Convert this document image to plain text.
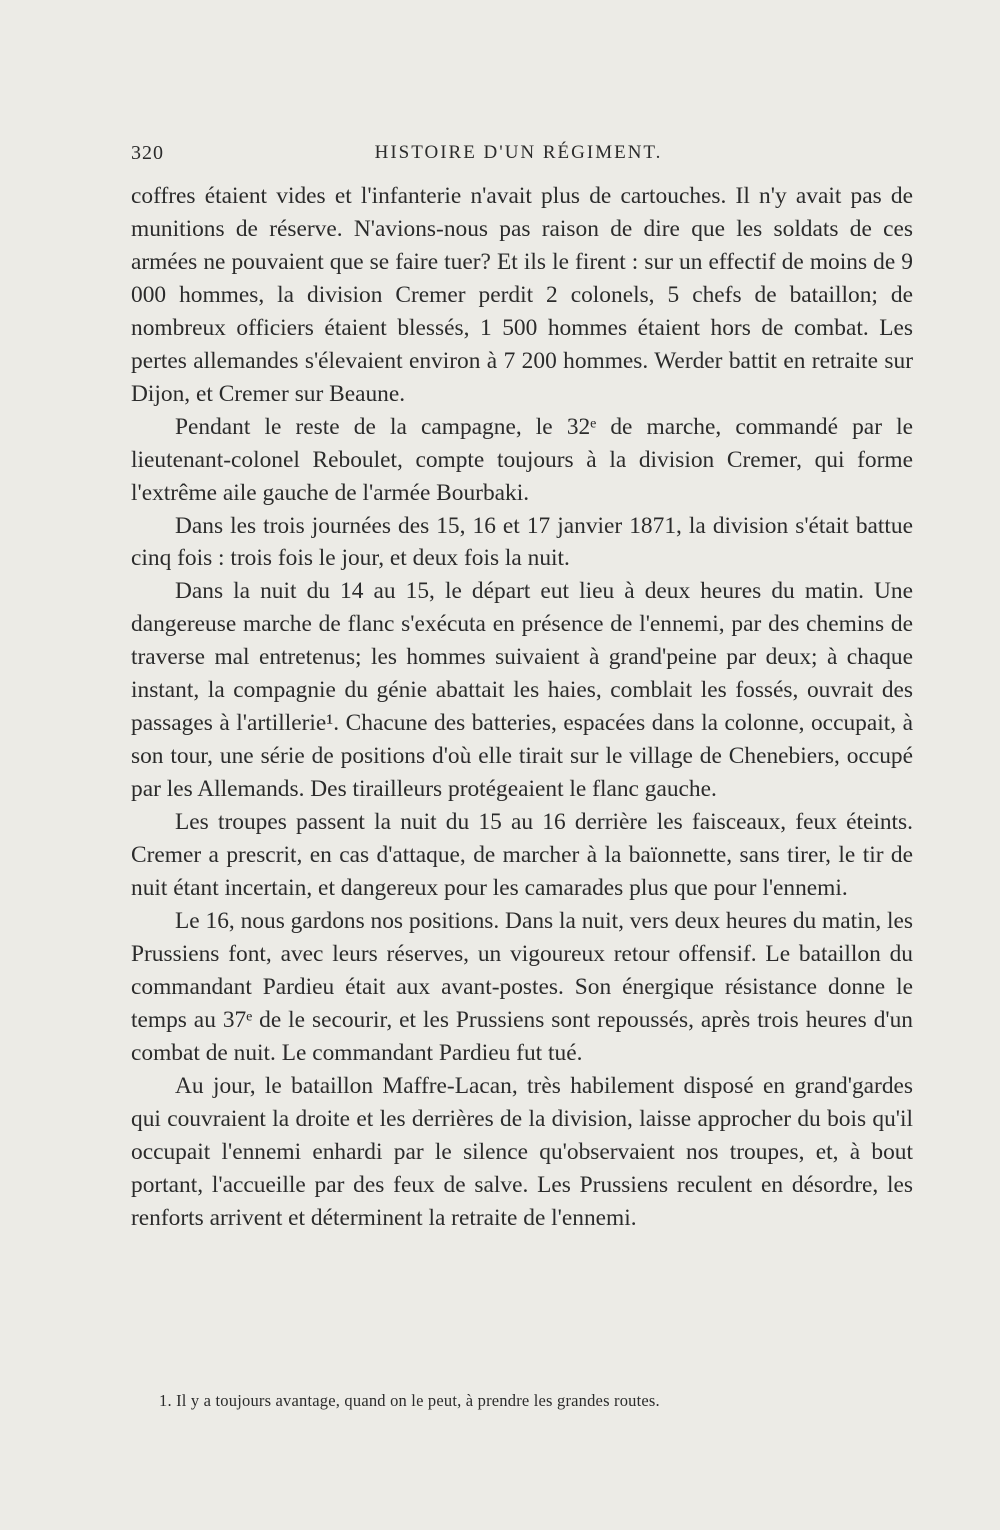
320	HISTOIRE D'UN RÉGIMENT.

coffres étaient vides et l'infanterie n'avait plus de cartouches. Il n'y avait pas de munitions de réserve. N'avions-nous pas raison de dire que les soldats de ces armées ne pouvaient que se faire tuer? Et ils le firent : sur un effectif de moins de 9 000 hommes, la division Cremer perdit 2 colonels, 5 chefs de bataillon; de nombreux officiers étaient blessés, 1 500 hommes étaient hors de combat. Les pertes allemandes s'élevaient environ à 7 200 hommes. Werder battit en retraite sur Dijon, et Cremer sur Beaune.

Pendant le reste de la campagne, le 32ᵉ de marche, commandé par le lieutenant-colonel Reboulet, compte toujours à la division Cremer, qui forme l'extrême aile gauche de l'armée Bourbaki.

Dans les trois journées des 15, 16 et 17 janvier 1871, la division s'était battue cinq fois : trois fois le jour, et deux fois la nuit.

Dans la nuit du 14 au 15, le départ eut lieu à deux heures du matin. Une dangereuse marche de flanc s'exécuta en présence de l'ennemi, par des chemins de traverse mal entretenus; les hommes suivaient à grand'peine par deux; à chaque instant, la compagnie du génie abattait les haies, comblait les fossés, ouvrait des passages à l'artillerie¹. Chacune des batteries, espacées dans la colonne, occupait, à son tour, une série de positions d'où elle tirait sur le village de Chenebiers, occupé par les Allemands. Des tirailleurs protégeaient le flanc gauche.

Les troupes passent la nuit du 15 au 16 derrière les faisceaux, feux éteints. Cremer a prescrit, en cas d'attaque, de marcher à la baïonnette, sans tirer, le tir de nuit étant incertain, et dangereux pour les camarades plus que pour l'ennemi.

Le 16, nous gardons nos positions. Dans la nuit, vers deux heures du matin, les Prussiens font, avec leurs réserves, un vigoureux retour offensif. Le bataillon du commandant Pardieu était aux avant-postes. Son énergique résistance donne le temps au 37ᵉ de le secourir, et les Prussiens sont repoussés, après trois heures d'un combat de nuit. Le commandant Pardieu fut tué.

Au jour, le bataillon Maffre-Lacan, très habilement disposé en grand'gardes qui couvraient la droite et les derrières de la division, laisse approcher du bois qu'il occupait l'ennemi enhardi par le silence qu'observaient nos troupes, et, à bout portant, l'accueille par des feux de salve. Les Prussiens reculent en désordre, les renforts arrivent et déterminent la retraite de l'ennemi.

1. Il y a toujours avantage, quand on le peut, à prendre les grandes routes.
